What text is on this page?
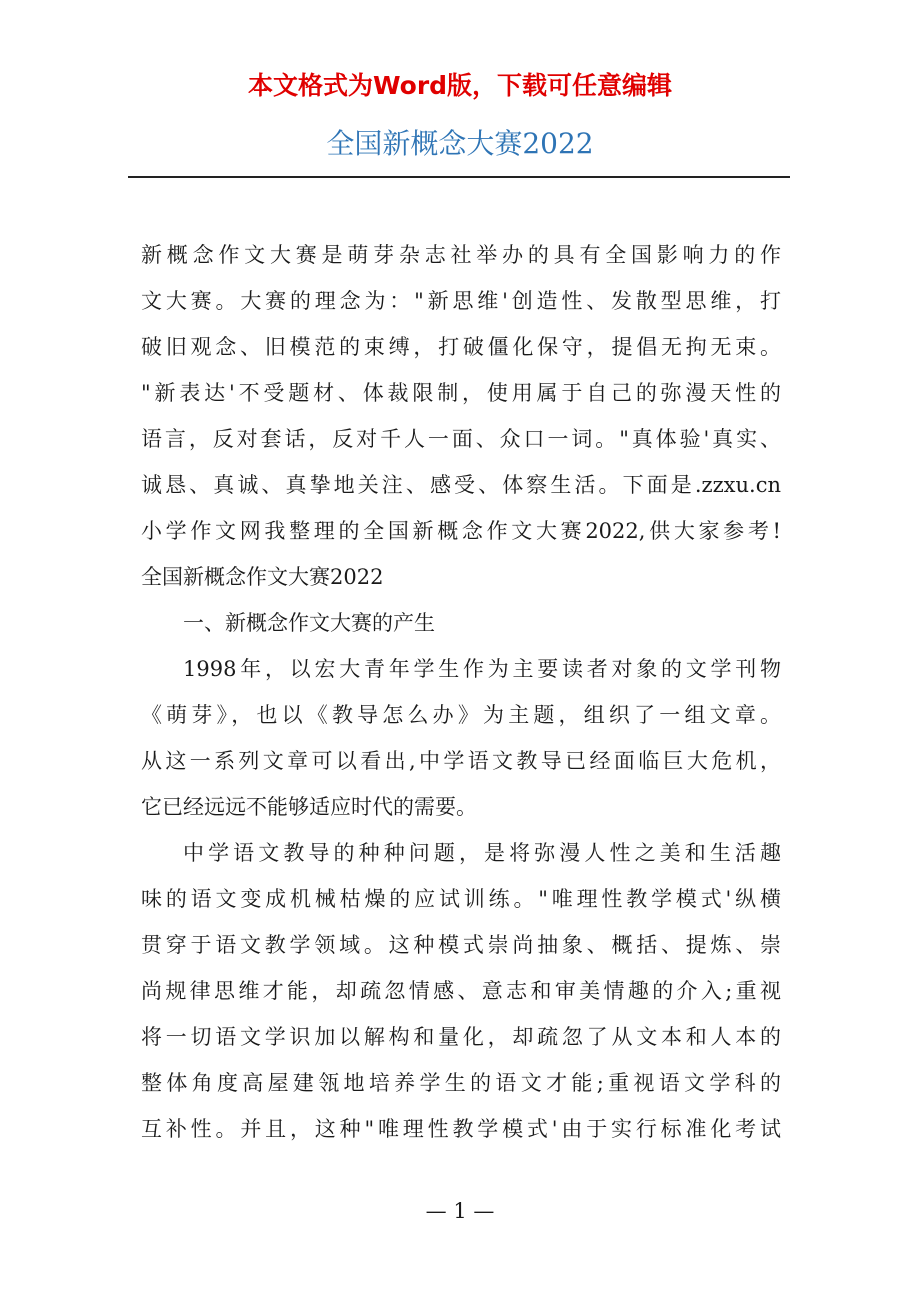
本文格式为Word版，下载可任意编辑
全国新概念大赛2022
新概念作文大赛是萌芽杂志社举办的具有全国影响力的作
文大赛。大赛的理念为："新思维'创造性、发散型思维，打
破旧观念、旧模范的束缚，打破僵化保守，提倡无拘无束。
"新表达'不受题材、体裁限制，使用属于自己的弥漫天性的
语言，反对套话，反对千人一面、众口一词。"真体验'真实、
诚恳、真诚、真挚地关注、感受、体察生活。下面是.zzxu.cn
小学作文网我整理的全国新概念作文大赛2022,供大家参考!
全国新概念作文大赛2022
一、新概念作文大赛的产生
1998年，以宏大青年学生作为主要读者对象的文学刊物
《萌芽》，也以《教导怎么办》为主题，组织了一组文章。
从这一系列文章可以看出,中学语文教导已经面临巨大危机，
它已经远远不能够适应时代的需要。
中学语文教导的种种问题，是将弥漫人性之美和生活趣
味的语文变成机械枯燥的应试训练。"唯理性教学模式'纵横
贯穿于语文教学领域。这种模式崇尚抽象、概括、提炼、崇
尚规律思维才能，却疏忽情感、意志和审美情趣的介入;重视
将一切语文学识加以解构和量化，却疏忽了从文本和人本的
整体角度高屋建瓴地培养学生的语文才能;重视语文学科的
互补性。并且，这种"唯理性教学模式'由于实行标准化考试
— 1 —
